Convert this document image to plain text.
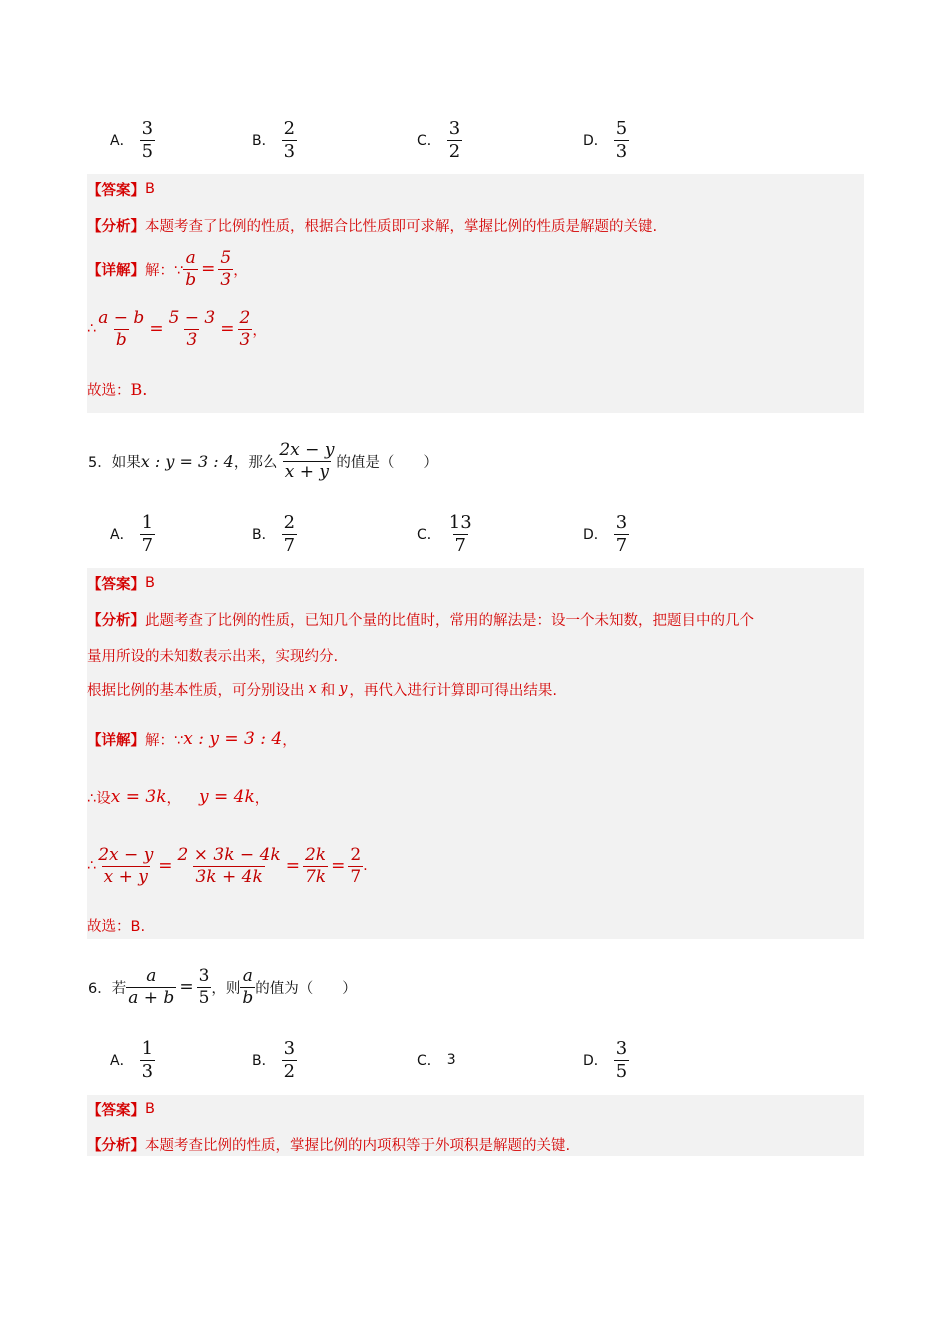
A． $\frac{3}{5}$	B． $\frac{2}{3}$	C． $\frac{3}{2}$	D． $\frac{5}{3}$
【答案】 B
【分析】 本题考查了比例的性质，根据合比性质即可求解，掌握比例的性质是解题的关键.
【详解】 解：∵ $\frac{a}{b} = \frac{5}{3}$ ，
∴ $\frac{a - b}{b} = \frac{5 - 3}{3} = \frac{2}{3}$ ，
故选： B.
5． 如果 x : y = 3 : 4 ，那么 $\frac{2x - y}{x + y}$ 的值是（　　）
A． $\frac{1}{7}$	B． $\frac{2}{7}$	C． $\frac{13}{7}$	D． $\frac{3}{7}$
【答案】 B
【分析】 此题考查了比例的性质，已知几个量的比值时，常用的解法是：设一个未知数，把题目中的几个
量用所设的未知数表示出来，实现约分.
根据比例的基本性质，可分别设出 x 和 y ，再代入进行计算即可得出结果.
【详解】 解：∵ x : y = 3 : 4 ，
∴设 x = 3k ， y = 4k ，
∴ $\frac{2x - y}{x + y} = \frac{2 \times 3k - 4k}{3k + 4k} = \frac{2k}{7k} = \frac{2}{7}$ .
故选：B.
6． 若 $\frac{a}{a + b} = \frac{3}{5}$ ，则 $\frac{a}{b}$ 的值为（　　）
A． $\frac{1}{3}$	B． $\frac{3}{2}$	C． 3	D． $\frac{3}{5}$
【答案】 B
【分析】 本题考查比例的性质，掌握比例的内项积等于外项积是解题的关键.
